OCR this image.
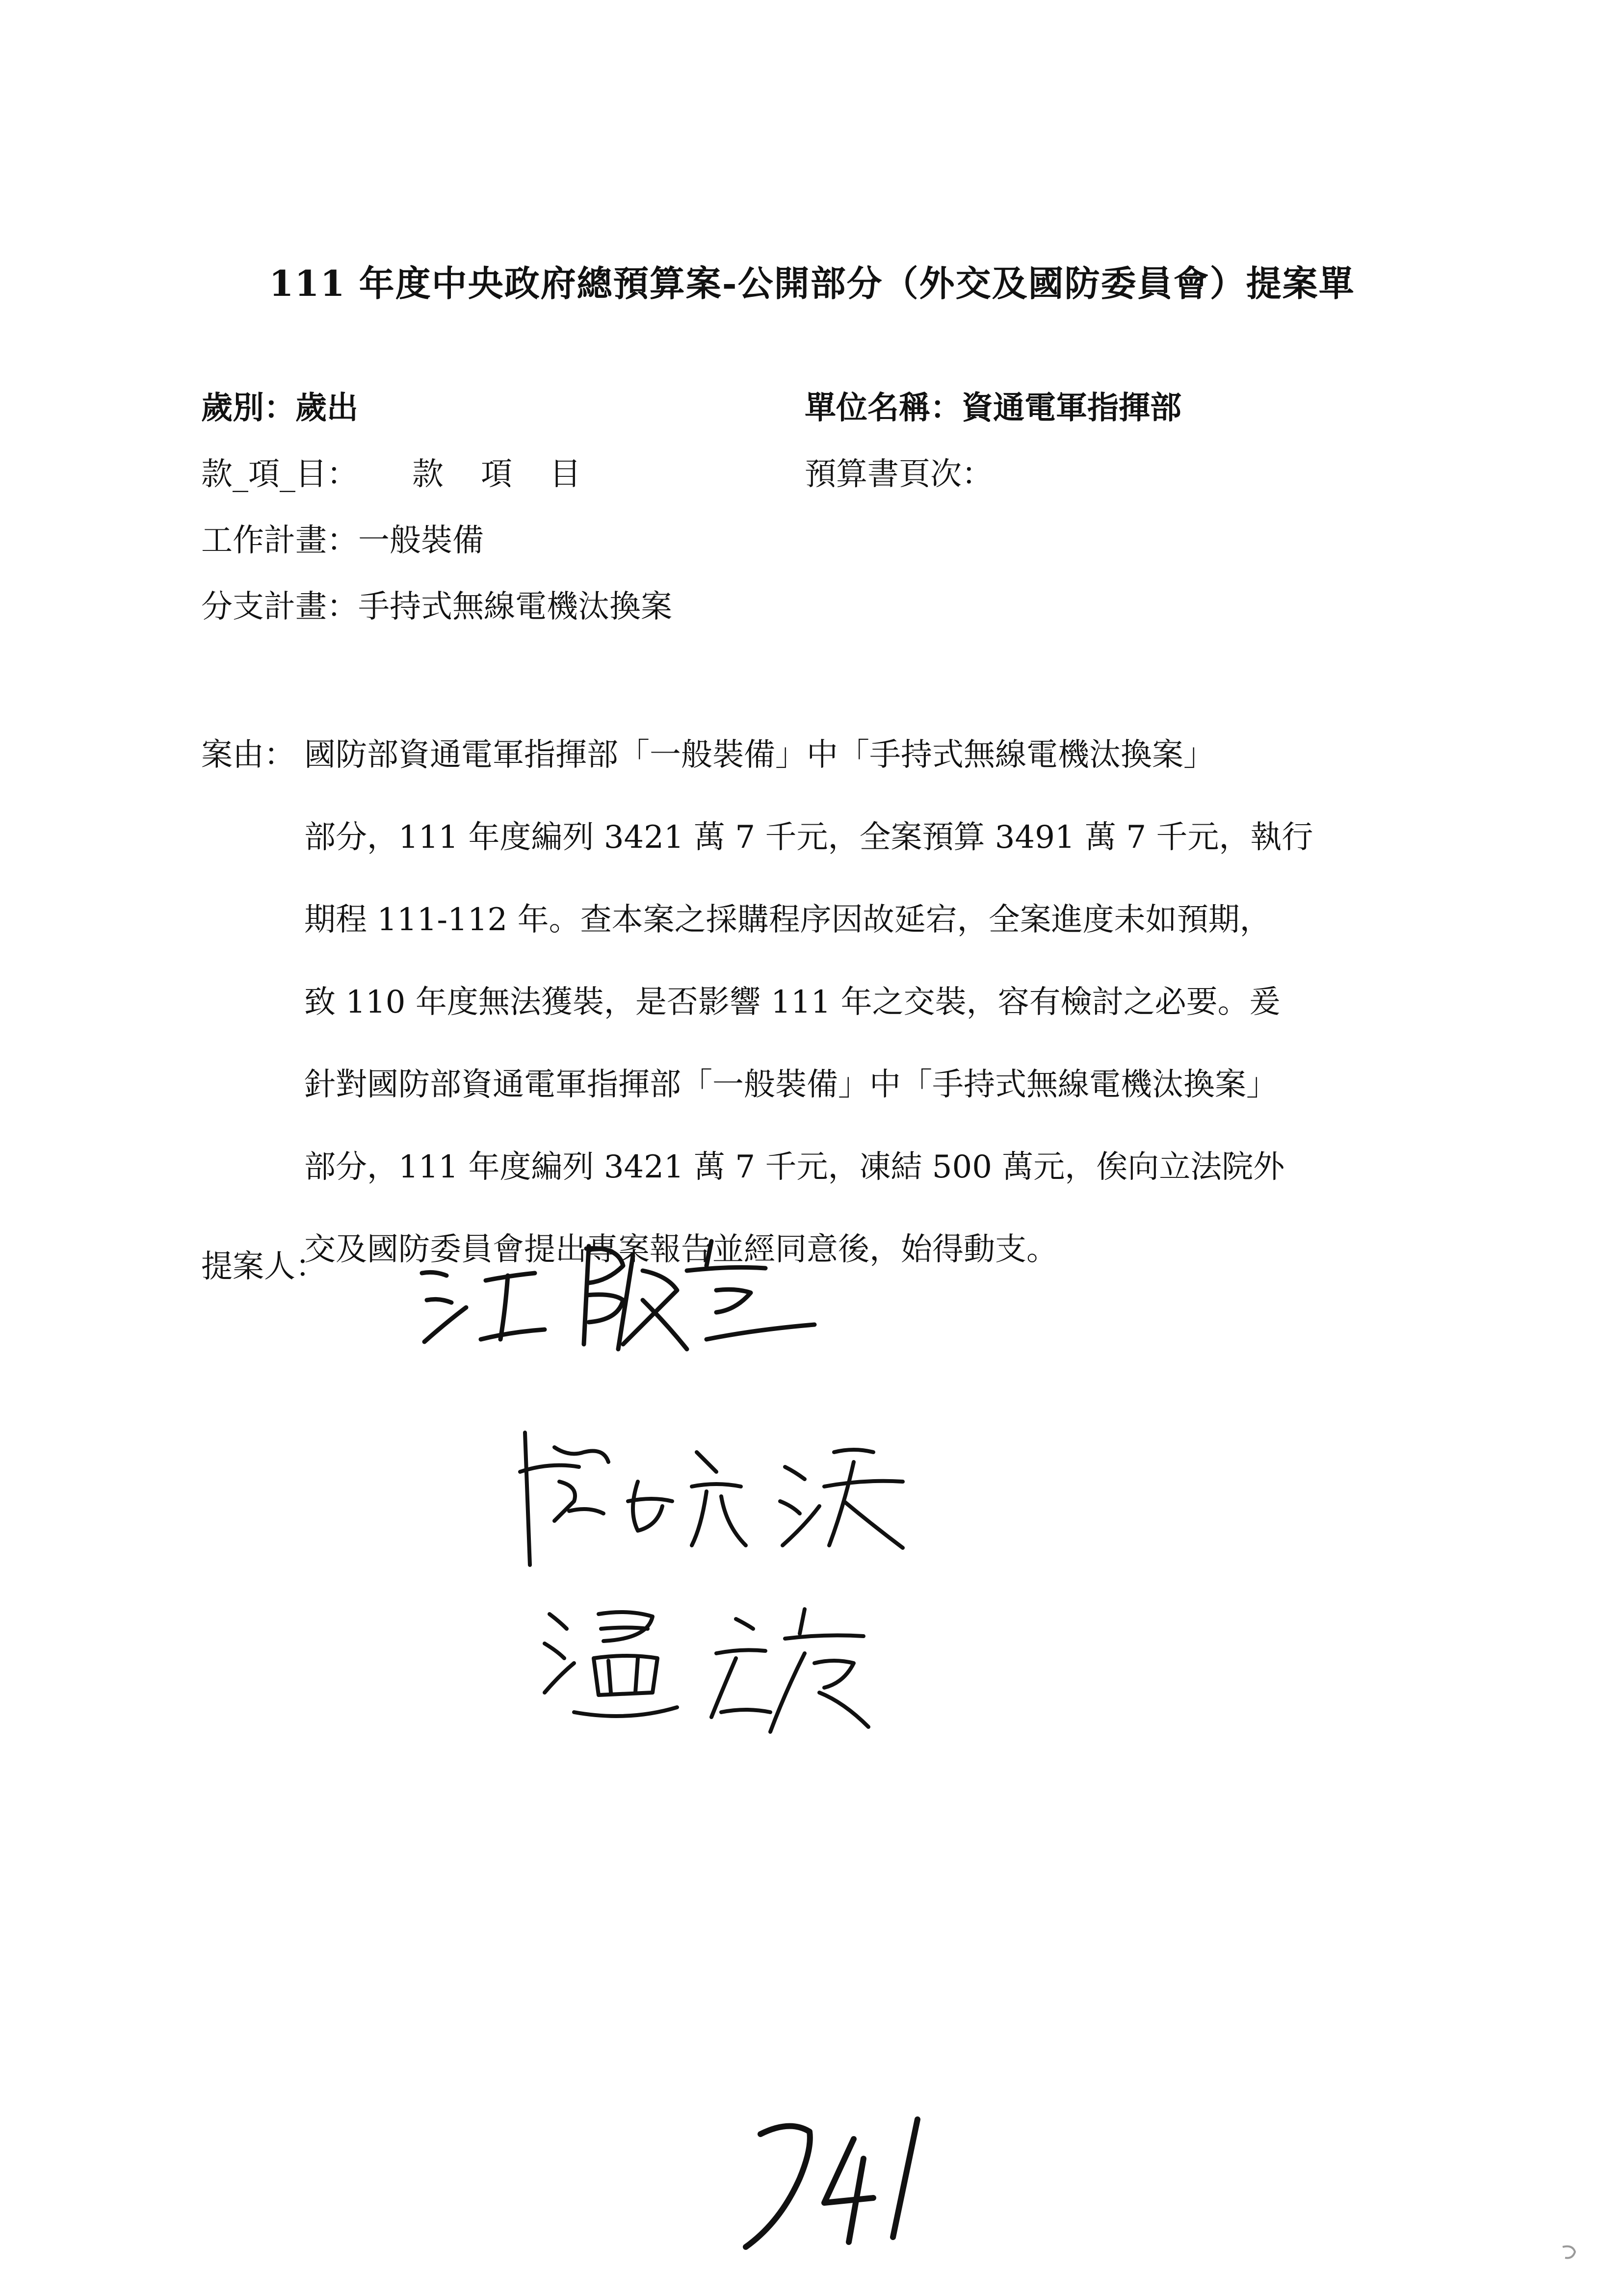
111 年度中央政府總預算案-公開部分（外交及國防委員會）提案單
歲別：歲出	單位名稱：資通電軍指揮部
款_項_目： 款 項 目	預算書頁次：
工作計畫：一般裝備
分支計畫：手持式無線電機汰換案
案由： 國防部資通電軍指揮部「一般裝備」中「手持式無線電機汰換案」
部分，111 年度編列 3421 萬 7 千元，全案預算 3491 萬 7 千元，執行
期程 111-112 年。查本案之採購程序因故延宕，全案進度未如預期，
致 110 年度無法獲裝，是否影響 111 年之交裝，容有檢討之必要。爰
針對國防部資通電軍指揮部「一般裝備」中「手持式無線電機汰換案」
部分，111 年度編列 3421 萬 7 千元，凍結 500 萬元，俟向立法院外
交及國防委員會提出專案報告並經同意後，始得動支。
提案人：
